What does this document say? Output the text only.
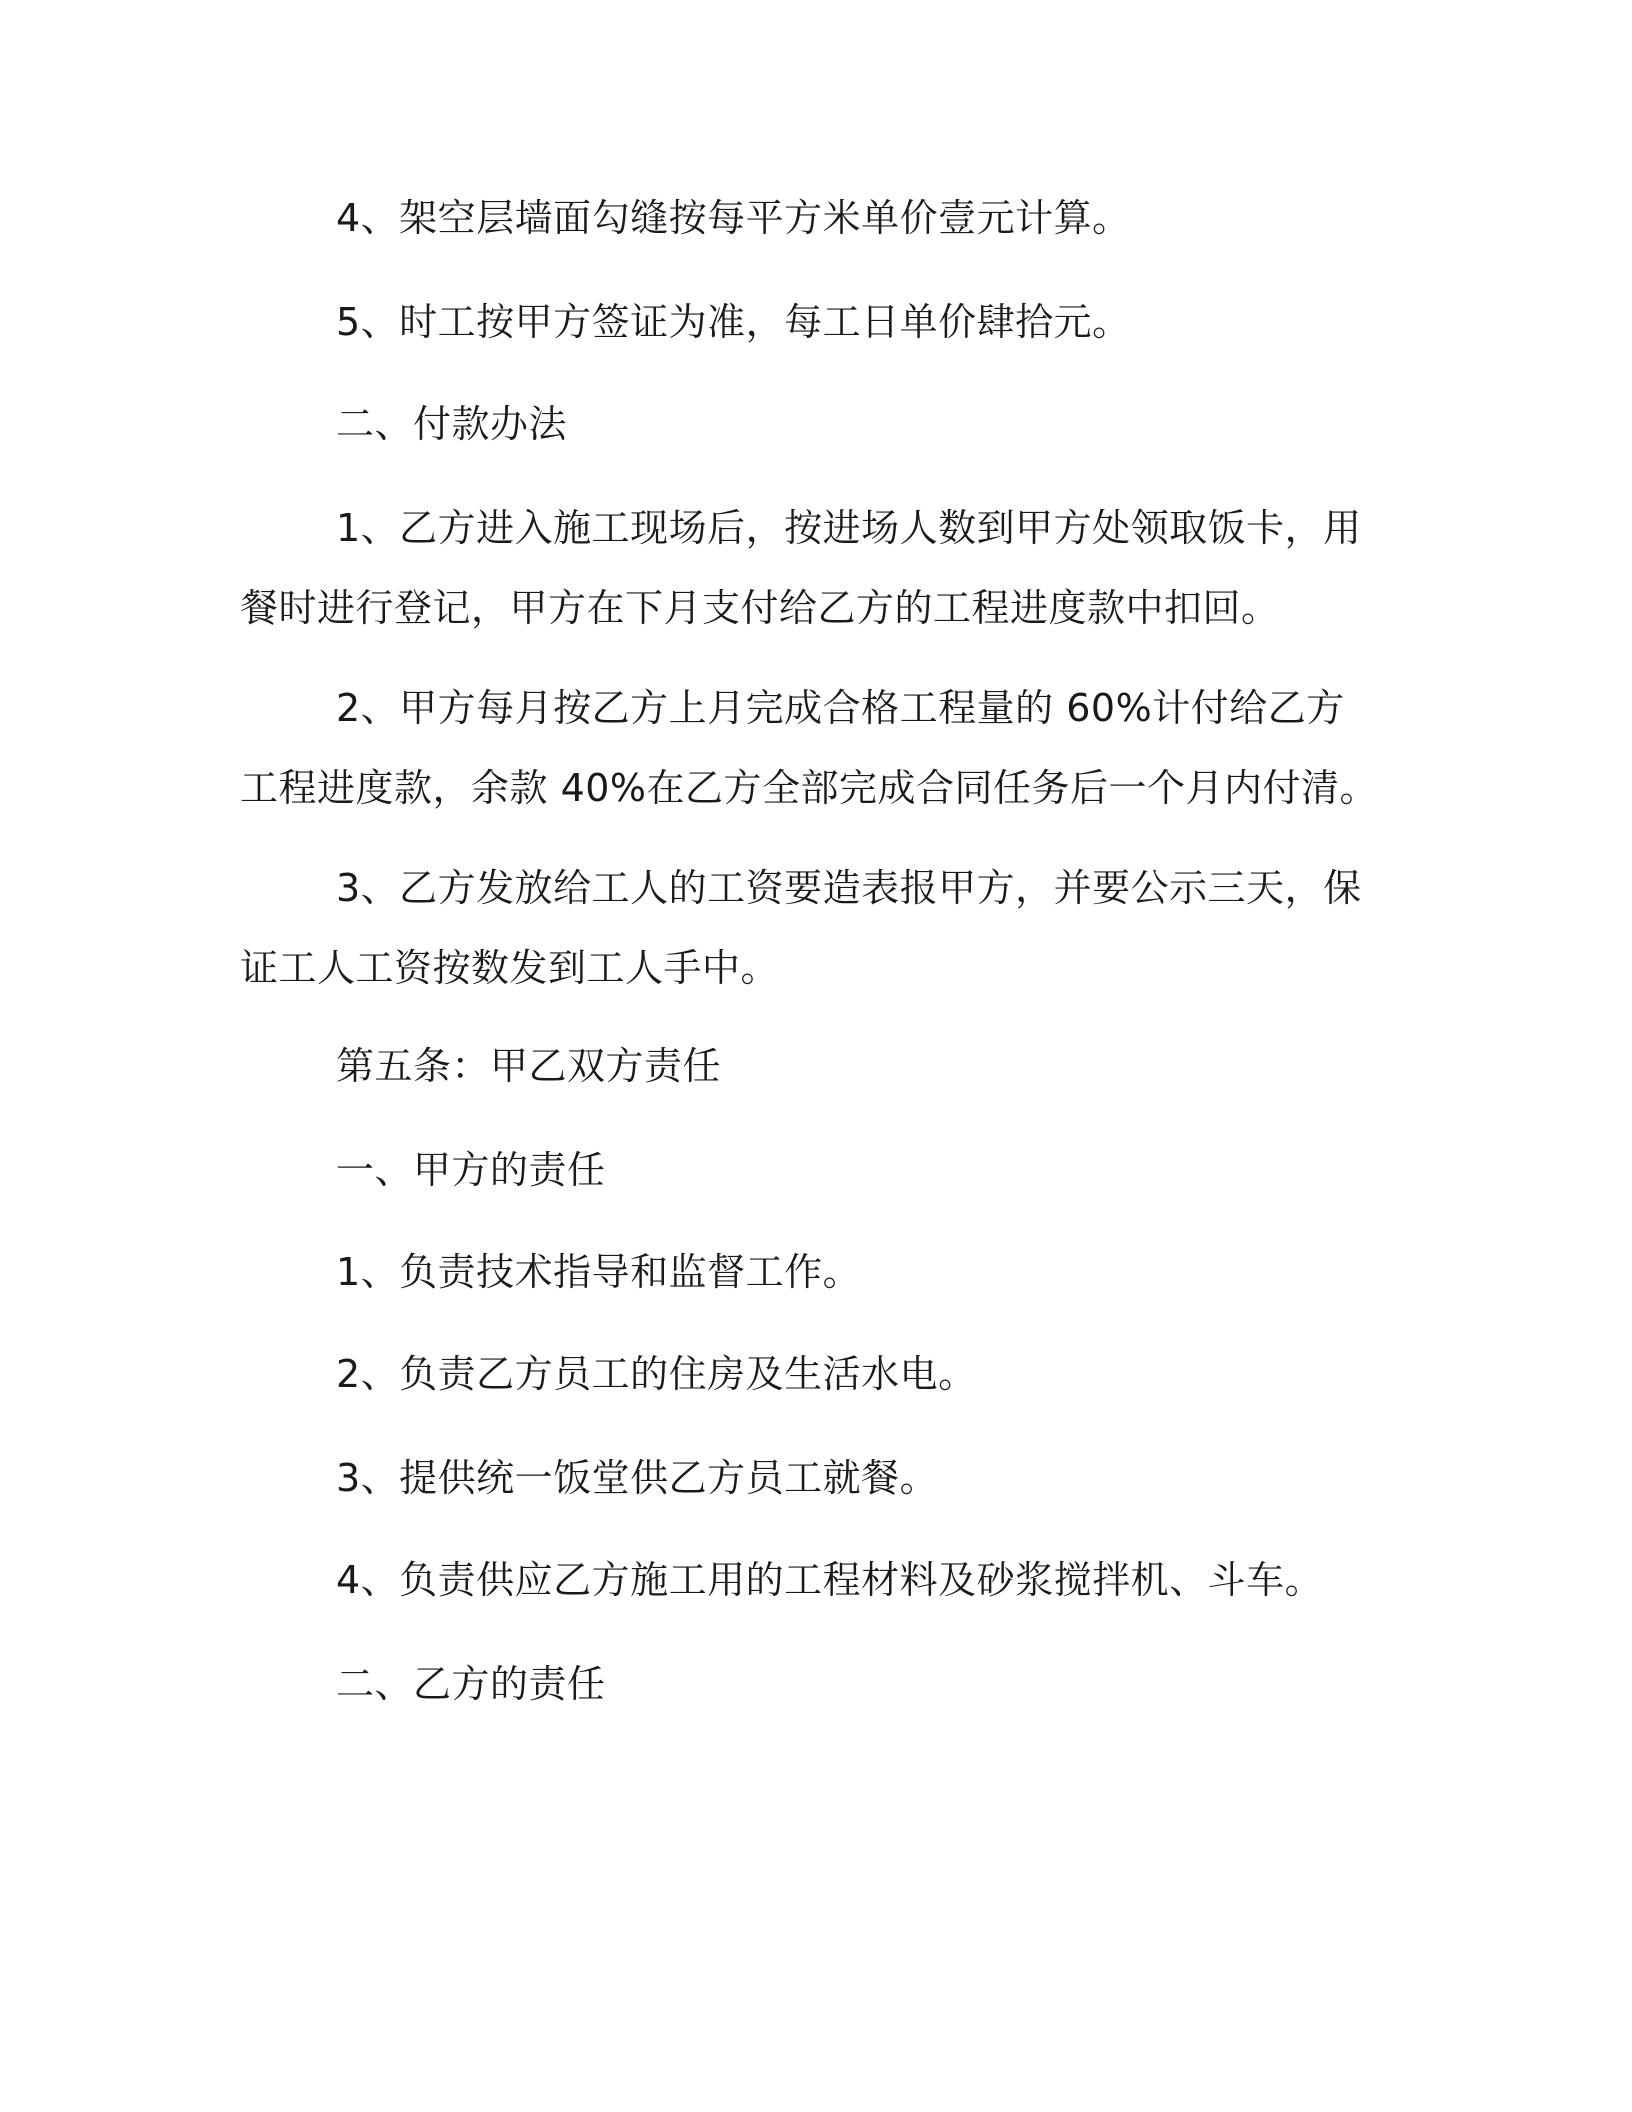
4、架空层墙面勾缝按每平方米单价壹元计算。

5、时工按甲方签证为准，每工日单价肆拾元。

二、付款办法

1、乙方进入施工现场后，按进场人数到甲方处领取饭卡，用餐时进行登记，甲方在下月支付给乙方的工程进度款中扣回。

2、甲方每月按乙方上月完成合格工程量的 60%计付给乙方工程进度款，余款 40%在乙方全部完成合同任务后一个月内付清。

3、乙方发放给工人的工资要造表报甲方，并要公示三天，保证工人工资按数发到工人手中。

第五条：甲乙双方责任

一、甲方的责任

1、负责技术指导和监督工作。

2、负责乙方员工的住房及生活水电。

3、提供统一饭堂供乙方员工就餐。

4、负责供应乙方施工用的工程材料及砂浆搅拌机、斗车。

二、乙方的责任
